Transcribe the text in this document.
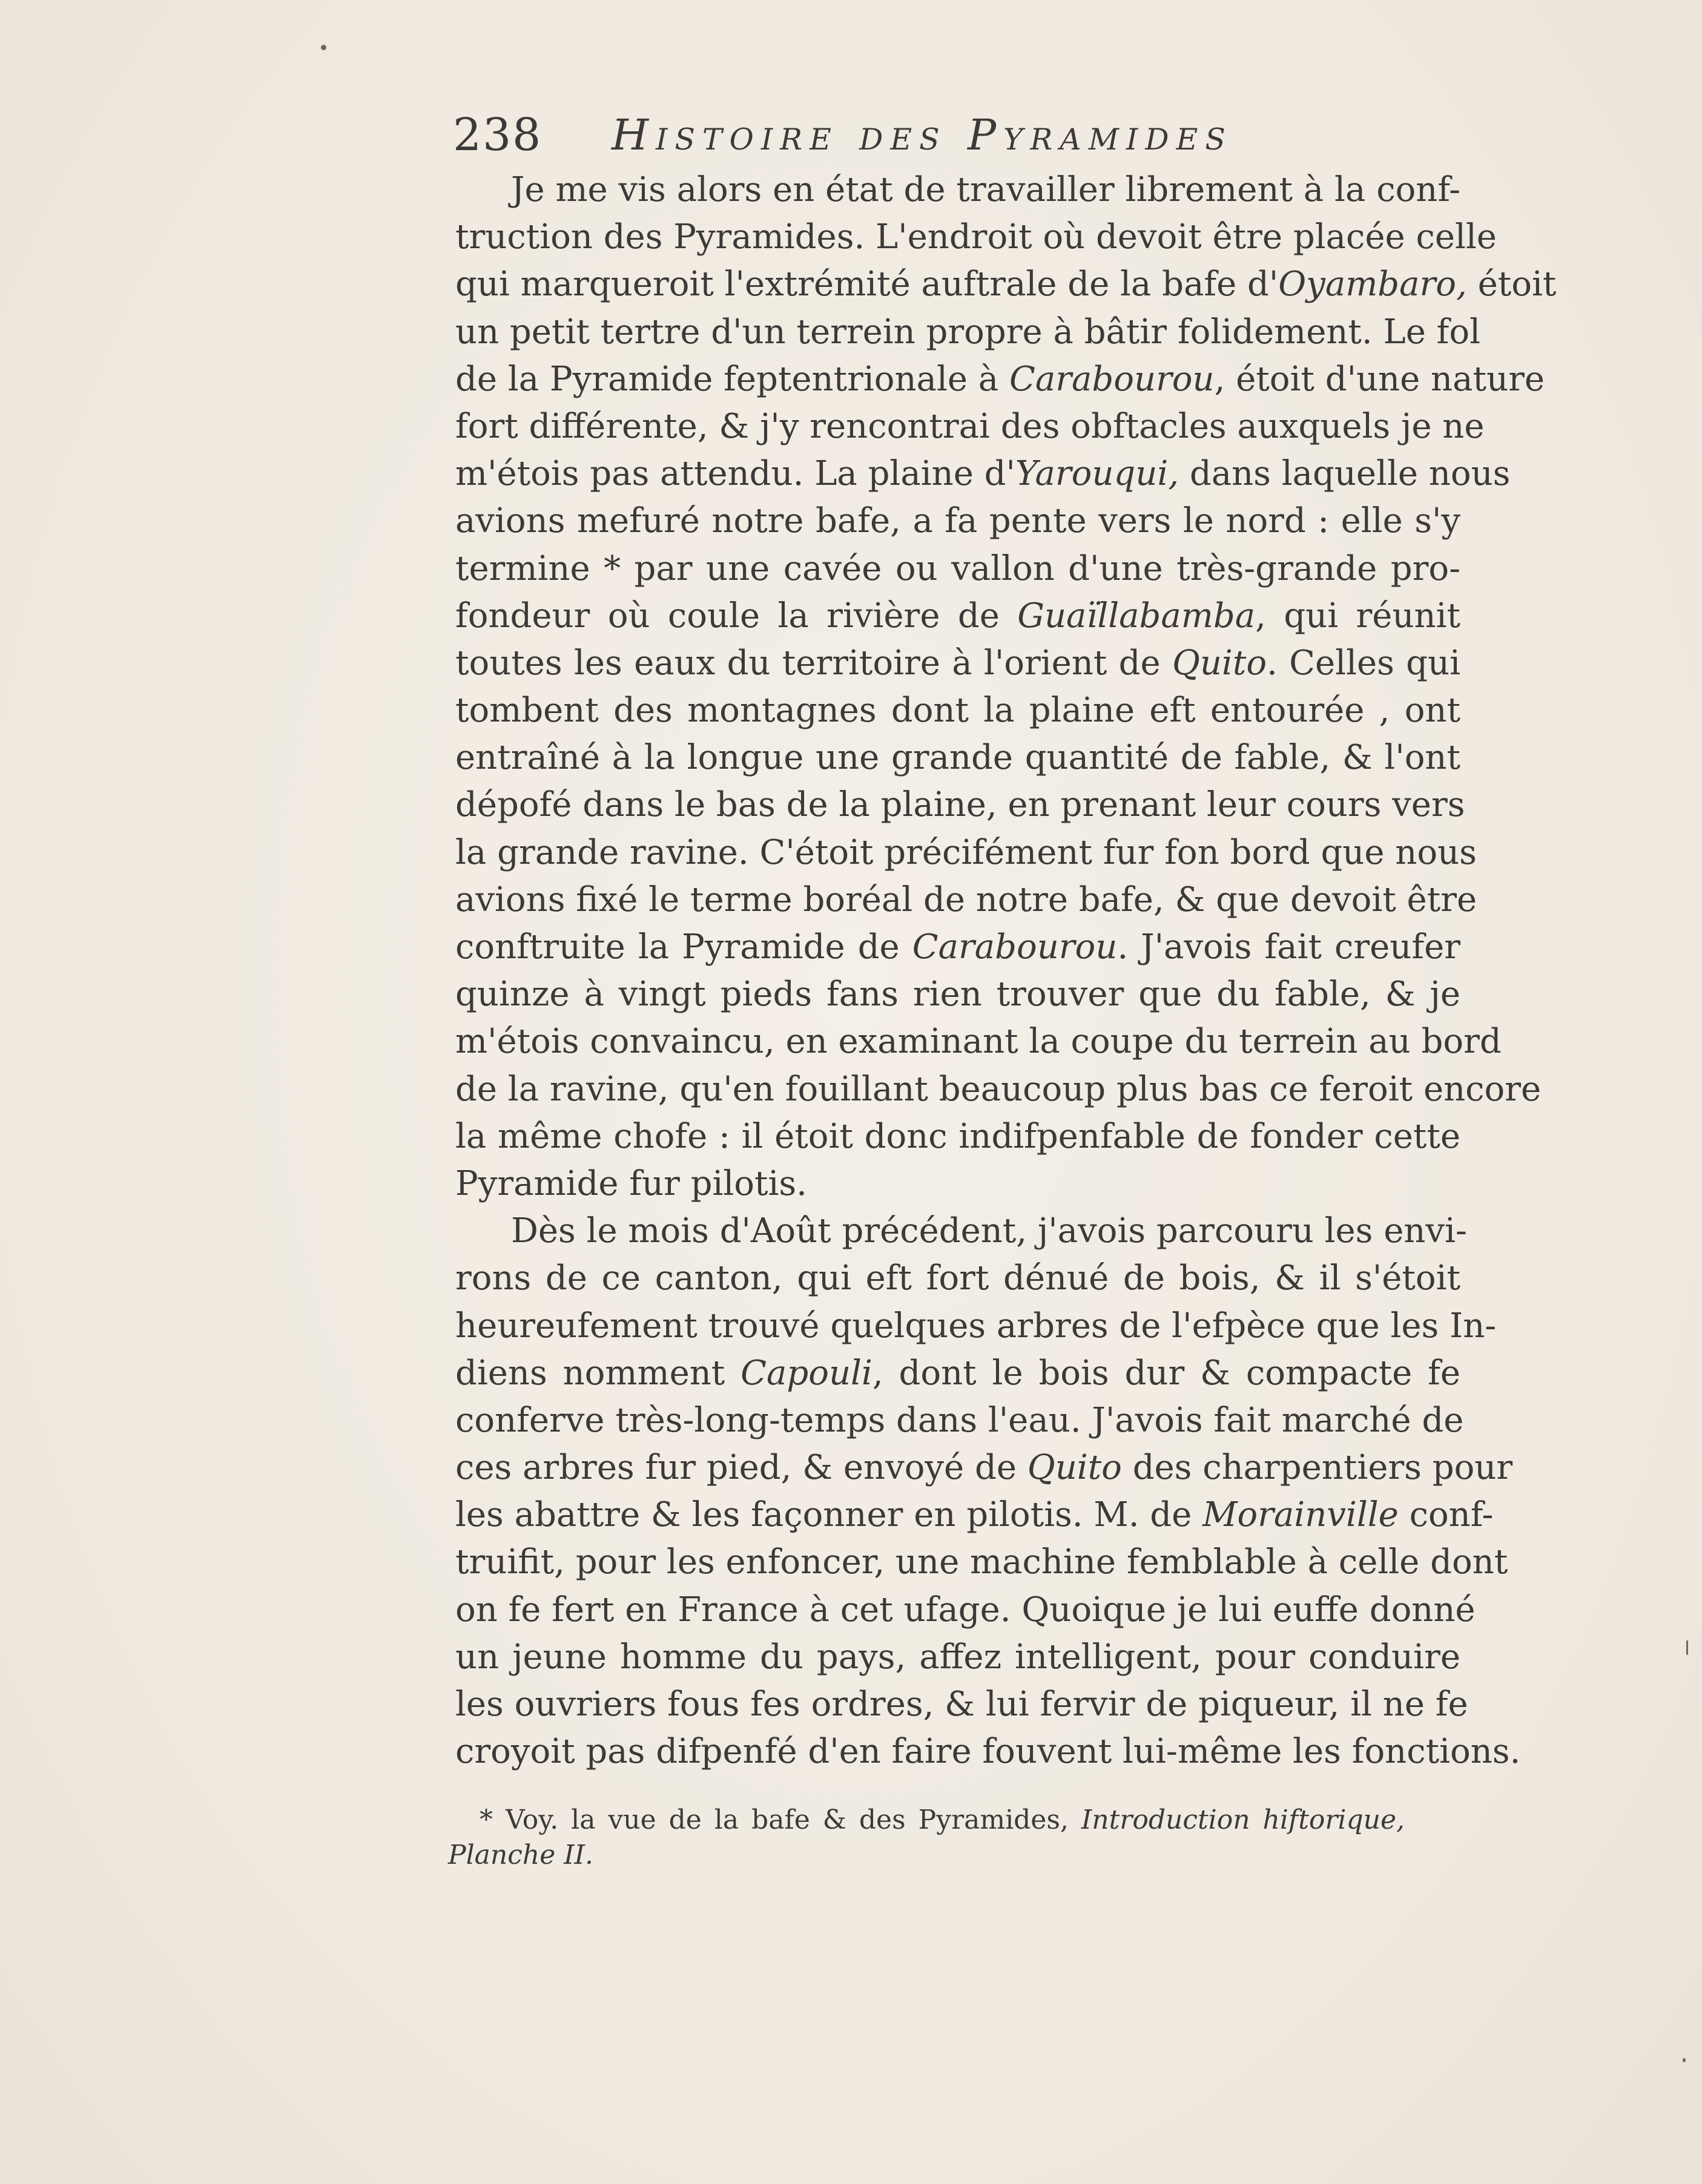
238 Histoire des Pyramides
Je me vis alors en état de travailler librement à la conf-
truction des Pyramides. L'endroit où devoit être placée celle
qui marqueroit l'extrémité auftrale de la bafe d'Oyambaro, étoit
un petit tertre d'un terrein propre à bâtir folidement. Le fol
de la Pyramide feptentrionale à Carabourou, étoit d'une nature
fort différente, & j'y rencontrai des obftacles auxquels je ne
m'étois pas attendu. La plaine d'Yarouqui, dans laquelle nous
avions mefuré notre bafe, a fa pente vers le nord : elle s'y
termine * par une cavée ou vallon d'une très-grande pro-
fondeur où coule la rivière de Guaïllabamba, qui réunit
toutes les eaux du territoire à l'orient de Quito. Celles qui
tombent des montagnes dont la plaine eft entourée , ont
entraîné à la longue une grande quantité de fable, & l'ont
dépofé dans le bas de la plaine, en prenant leur cours vers
la grande ravine. C'étoit précifément fur fon bord que nous
avions fixé le terme boréal de notre bafe, & que devoit être
conftruite la Pyramide de Carabourou. J'avois fait creufer
quinze à vingt pieds fans rien trouver que du fable, & je
m'étois convaincu, en examinant la coupe du terrein au bord
de la ravine, qu'en fouillant beaucoup plus bas ce feroit encore
la même chofe : il étoit donc indifpenfable de fonder cette
Pyramide fur pilotis.
Dès le mois d'Août précédent, j'avois parcouru les envi-
rons de ce canton, qui eft fort dénué de bois, & il s'étoit
heureufement trouvé quelques arbres de l'efpèce que les In-
diens nomment Capouli, dont le bois dur & compacte fe
conferve très-long-temps dans l'eau. J'avois fait marché de
ces arbres fur pied, & envoyé de Quito des charpentiers pour
les abattre & les façonner en pilotis. M. de Morainville conf-
truifit, pour les enfoncer, une machine femblable à celle dont
on fe fert en France à cet ufage. Quoique je lui euffe donné
un jeune homme du pays, affez intelligent, pour conduire
les ouvriers fous fes ordres, & lui fervir de piqueur, il ne fe
croyoit pas difpenfé d'en faire fouvent lui-même les fonctions.
* Voy. la vue de la bafe & des Pyramides, Introduction hiftorique,
Planche II.
